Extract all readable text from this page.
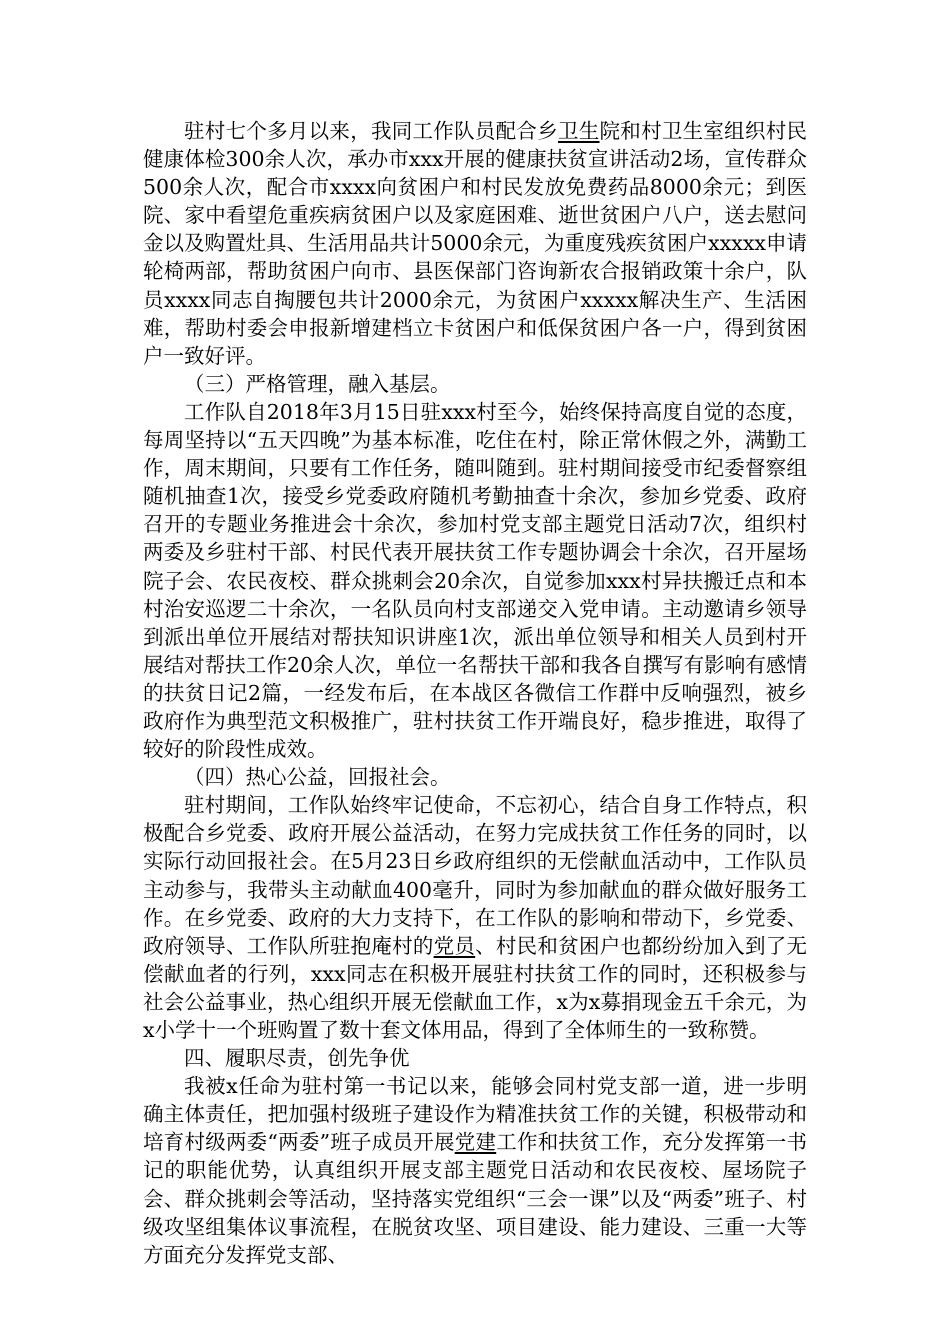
驻村七个多月以来，我同工作队员配合乡卫生院和村卫生室组织村民健康体检300余人次，承办市xxx开展的健康扶贫宣讲活动2场，宣传群众500余人次，配合市xxxx向贫困户和村民发放免费药品8000余元；到医院、家中看望危重疾病贫困户以及家庭困难、逝世贫困户八户，送去慰问金以及购置灶具、生活用品共计5000余元，为重度残疾贫困户xxxxx申请轮椅两部，帮助贫困户向市、县医保部门咨询新农合报销政策十余户，队员xxxx同志自掏腰包共计2000余元，为贫困户xxxxx解决生产、生活困难，帮助村委会申报新增建档立卡贫困户和低保贫困户各一户，得到贫困户一致好评。

（三）严格管理，融入基层。

工作队自2018年3月15日驻xxx村至今，始终保持高度自觉的态度，每周坚持以“五天四晚”为基本标准，吃住在村，除正常休假之外，满勤工作，周末期间，只要有工作任务，随叫随到。驻村期间接受市纪委督察组随机抽查1次，接受乡党委政府随机考勤抽查十余次，参加乡党委、政府召开的专题业务推进会十余次，参加村党支部主题党日活动7次，组织村两委及乡驻村干部、村民代表开展扶贫工作专题协调会十余次，召开屋场院子会、农民夜校、群众挑刺会20余次，自觉参加xxx村异扶搬迁点和本村治安巡逻二十余次，一名队员向村支部递交入党申请。主动邀请乡领导到派出单位开展结对帮扶知识讲座1次，派出单位领导和相关人员到村开展结对帮扶工作20余人次，单位一名帮扶干部和我各自撰写有影响有感情的扶贫日记2篇，一经发布后，在本战区各微信工作群中反响强烈，被乡政府作为典型范文积极推广，驻村扶贫工作开端良好，稳步推进，取得了较好的阶段性成效。

（四）热心公益，回报社会。

驻村期间，工作队始终牢记使命，不忘初心，结合自身工作特点，积极配合乡党委、政府开展公益活动，在努力完成扶贫工作任务的同时，以实际行动回报社会。在5月23日乡政府组织的无偿献血活动中，工作队员主动参与，我带头主动献血400毫升，同时为参加献血的群众做好服务工作。在乡党委、政府的大力支持下，在工作队的影响和带动下，乡党委、政府领导、工作队所驻抱庵村的党员、村民和贫困户也都纷纷加入到了无偿献血者的行列，xxx同志在积极开展驻村扶贫工作的同时，还积极参与社会公益事业，热心组织开展无偿献血工作，x为x募捐现金五千余元，为x小学十一个班购置了数十套文体用品，得到了全体师生的一致称赞。

四、履职尽责，创先争优

我被x任命为驻村第一书记以来，能够会同村党支部一道，进一步明确主体责任，把加强村级班子建设作为精准扶贫工作的关键，积极带动和培育村级两委“两委”班子成员开展党建工作和扶贫工作，充分发挥第一书记的职能优势，认真组织开展支部主题党日活动和农民夜校、屋场院子会、群众挑刺会等活动，坚持落实党组织“三会一课”以及“两委”班子、村级攻坚组集体议事流程，在脱贫攻坚、项目建设、能力建设、三重一大等方面充分发挥党支部、
